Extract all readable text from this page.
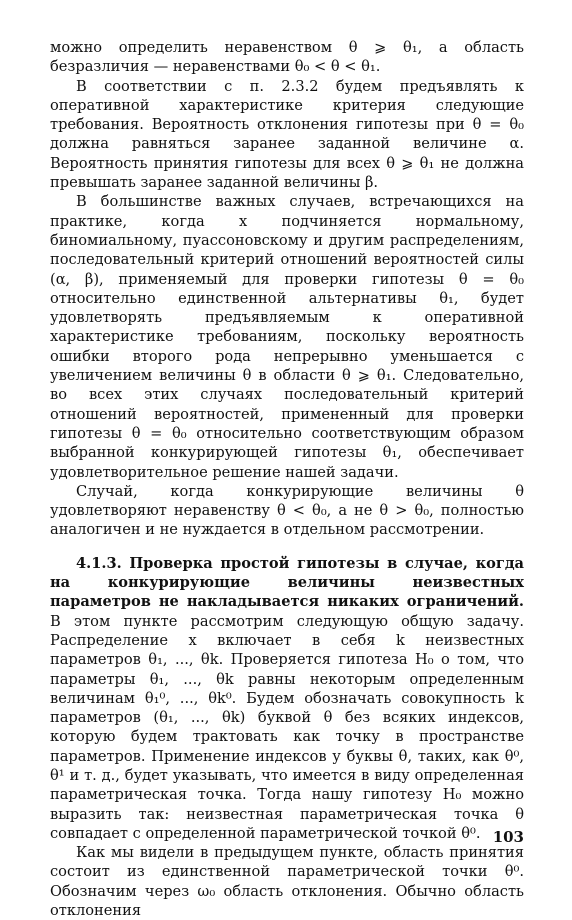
можно определить неравенством θ ⩾ θ₁, а область безразличия — неравенствами θ₀ < θ < θ₁.

В соответствии с п. 2.3.2 будем предъявлять к оперативной характеристике критерия следующие требования. Вероятность отклонения гипотезы при θ = θ₀ должна равняться заранее заданной величине α. Вероятность принятия гипотезы для всех θ ⩾ θ₁ не должна превышать заранее заданной величины β.

В большинстве важных случаев, встречающихся на практике, когда x подчиняется нормальному, биномиальному, пуассоновскому и другим распределениям, последовательный критерий отношений вероятностей силы (α, β), применяемый для проверки гипотезы θ = θ₀ относительно единственной альтернативы θ₁, будет удовлетворять предъявляемым к оперативной характеристике требованиям, поскольку вероятность ошибки второго рода непрерывно уменьшается с увеличением величины θ в области θ ⩾ θ₁. Следовательно, во всех этих случаях последовательный критерий отношений вероятностей, примененный для проверки гипотезы θ = θ₀ относительно соответствующим образом выбранной конкурирующей гипотезы θ₁, обеспечивает удовлетворительное решение нашей задачи.

Случай, когда конкурирующие величины θ удовлетворяют неравенству θ < θ₀, а не θ > θ₀, полностью аналогичен и не нуждается в отдельном рассмотрении.

4.1.3. Проверка простой гипотезы в случае, когда на конкурирующие величины неизвестных параметров не накладывается никаких ограничений. В этом пункте рассмотрим следующую общую задачу. Распределение x включает в себя k неизвестных параметров θ₁, ..., θk. Проверяется гипотеза H₀ о том, что параметры θ₁, ..., θk равны некоторым определенным величинам θ₁⁰, ..., θk⁰. Будем обозначать совокупность k параметров (θ₁, ..., θk) буквой θ без всяких индексов, которую будем трактовать как точку в пространстве параметров. Применение индексов у буквы θ, таких, как θ⁰, θ¹ и т. д., будет указывать, что имеется в виду определенная параметрическая точка. Тогда нашу гипотезу H₀ можно выразить так: неизвестная параметрическая точка θ совпадает с определенной параметрической точкой θ⁰.

Как мы видели в предыдущем пункте, область принятия состоит из единственной параметрической точки θ⁰. Обозначим через ω₀ область отклонения. Обычно область отклонения

103
